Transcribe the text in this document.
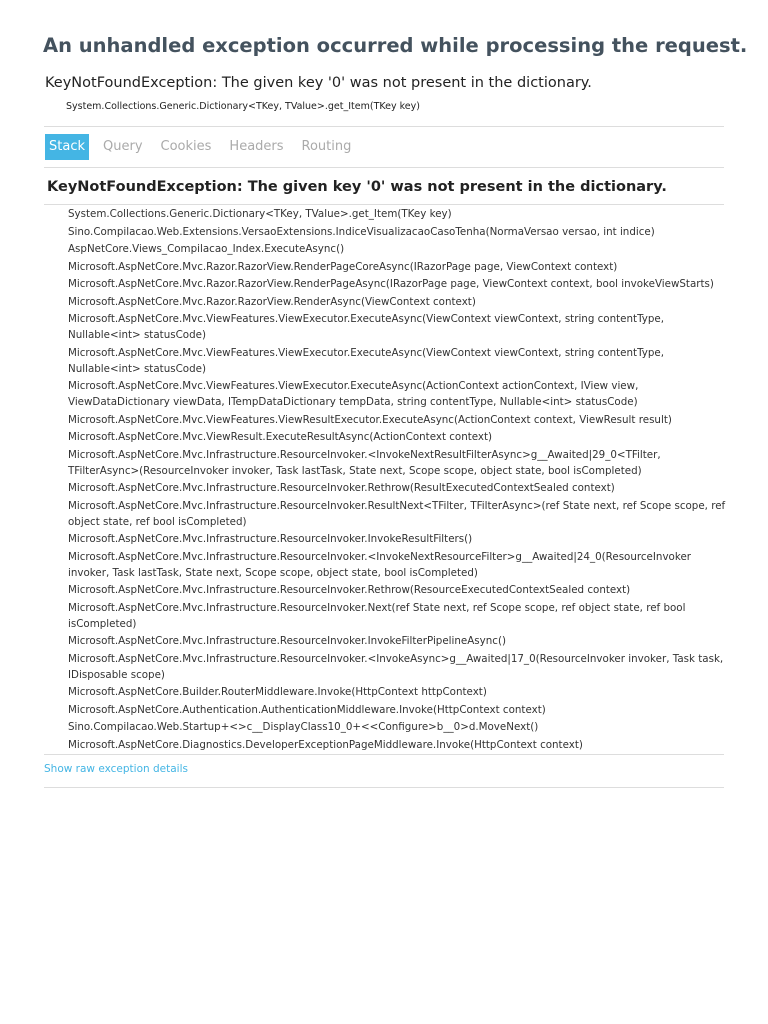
An unhandled exception occurred while processing the request.
KeyNotFoundException: The given key '0' was not present in the dictionary.
System.Collections.Generic.Dictionary<TKey, TValue>.get_Item(TKey key)
Stack	Query	Cookies	Headers	Routing
KeyNotFoundException: The given key '0' was not present in the dictionary.
System.Collections.Generic.Dictionary<TKey, TValue>.get_Item(TKey key)
Sino.Compilacao.Web.Extensions.VersaoExtensions.IndiceVisualizacaoCasoTenha(NormaVersao versao, int indice)
AspNetCore.Views_Compilacao_Index.ExecuteAsync()
Microsoft.AspNetCore.Mvc.Razor.RazorView.RenderPageCoreAsync(IRazorPage page, ViewContext context)
Microsoft.AspNetCore.Mvc.Razor.RazorView.RenderPageAsync(IRazorPage page, ViewContext context, bool invokeViewStarts)
Microsoft.AspNetCore.Mvc.Razor.RazorView.RenderAsync(ViewContext context)
Microsoft.AspNetCore.Mvc.ViewFeatures.ViewExecutor.ExecuteAsync(ViewContext viewContext, string contentType, Nullable<int> statusCode)
Microsoft.AspNetCore.Mvc.ViewFeatures.ViewExecutor.ExecuteAsync(ViewContext viewContext, string contentType, Nullable<int> statusCode)
Microsoft.AspNetCore.Mvc.ViewFeatures.ViewExecutor.ExecuteAsync(ActionContext actionContext, IView view, ViewDataDictionary viewData, ITempDataDictionary tempData, string contentType, Nullable<int> statusCode)
Microsoft.AspNetCore.Mvc.ViewFeatures.ViewResultExecutor.ExecuteAsync(ActionContext context, ViewResult result)
Microsoft.AspNetCore.Mvc.ViewResult.ExecuteResultAsync(ActionContext context)
Microsoft.AspNetCore.Mvc.Infrastructure.ResourceInvoker.<InvokeNextResultFilterAsync>g__Awaited|29_0<TFilter, TFilterAsync>(ResourceInvoker invoker, Task lastTask, State next, Scope scope, object state, bool isCompleted)
Microsoft.AspNetCore.Mvc.Infrastructure.ResourceInvoker.Rethrow(ResultExecutedContextSealed context)
Microsoft.AspNetCore.Mvc.Infrastructure.ResourceInvoker.ResultNext<TFilter, TFilterAsync>(ref State next, ref Scope scope, ref object state, ref bool isCompleted)
Microsoft.AspNetCore.Mvc.Infrastructure.ResourceInvoker.InvokeResultFilters()
Microsoft.AspNetCore.Mvc.Infrastructure.ResourceInvoker.<InvokeNextResourceFilter>g__Awaited|24_0(ResourceInvoker invoker, Task lastTask, State next, Scope scope, object state, bool isCompleted)
Microsoft.AspNetCore.Mvc.Infrastructure.ResourceInvoker.Rethrow(ResourceExecutedContextSealed context)
Microsoft.AspNetCore.Mvc.Infrastructure.ResourceInvoker.Next(ref State next, ref Scope scope, ref object state, ref bool isCompleted)
Microsoft.AspNetCore.Mvc.Infrastructure.ResourceInvoker.InvokeFilterPipelineAsync()
Microsoft.AspNetCore.Mvc.Infrastructure.ResourceInvoker.<InvokeAsync>g__Awaited|17_0(ResourceInvoker invoker, Task task, IDisposable scope)
Microsoft.AspNetCore.Builder.RouterMiddleware.Invoke(HttpContext httpContext)
Microsoft.AspNetCore.Authentication.AuthenticationMiddleware.Invoke(HttpContext context)
Sino.Compilacao.Web.Startup+<>c__DisplayClass10_0+<<Configure>b__0>d.MoveNext()
Microsoft.AspNetCore.Diagnostics.DeveloperExceptionPageMiddleware.Invoke(HttpContext context)
Show raw exception details
